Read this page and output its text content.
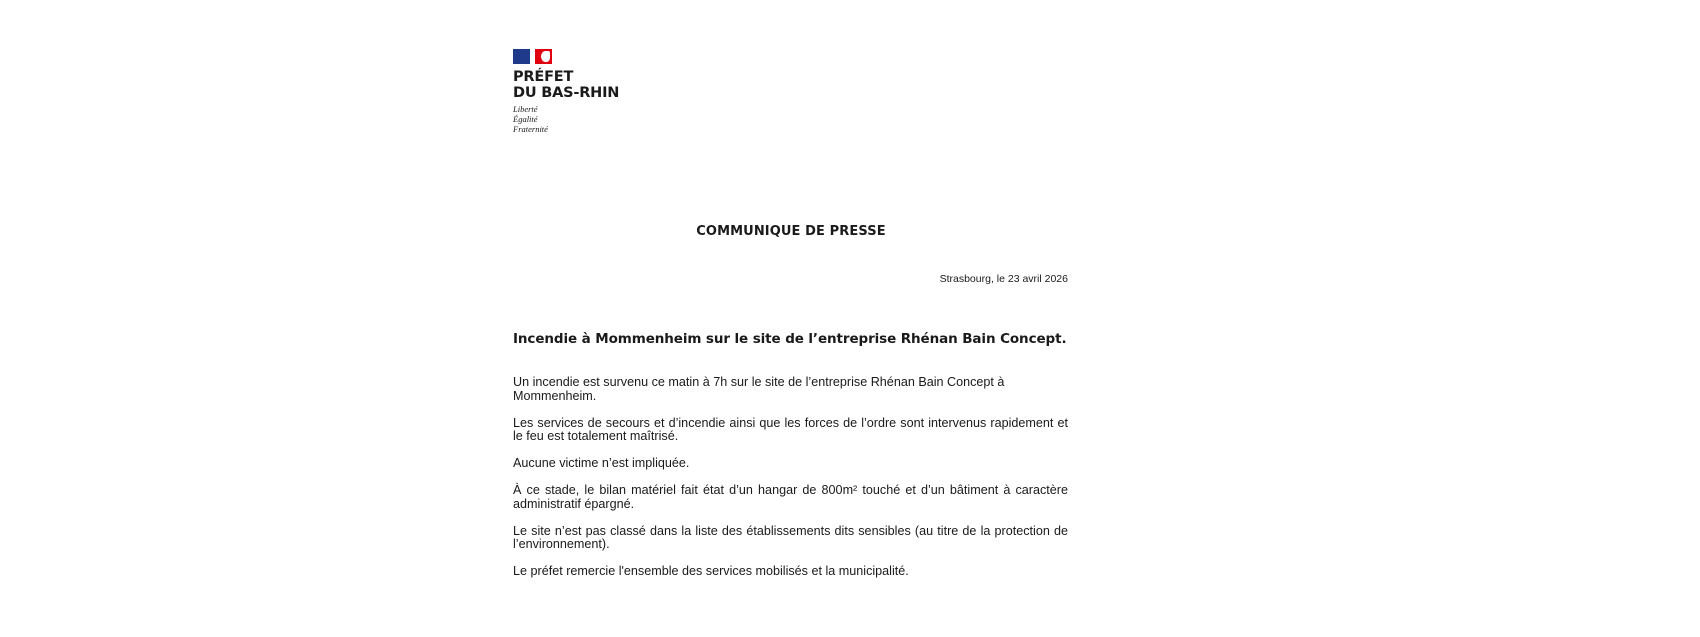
PRÉFET
DU BAS-RHIN
Liberté
Égalité
Fraternité
COMMUNIQUE DE PRESSE
Strasbourg, le 23 avril 2026
Incendie à Mommenheim sur le site de l’entreprise Rhénan Bain Concept.

Un incendie est survenu ce matin à 7h sur le site de l’entreprise Rhénan Bain Concept à Mommenheim.

Les services de secours et d’incendie ainsi que les forces de l’ordre sont intervenus rapidement et le feu est totalement maîtrisé.

Aucune victime n’est impliquée.

À ce stade, le bilan matériel fait état d’un hangar de 800m² touché et d’un bâtiment à caractère administratif épargné.

Le site n’est pas classé dans la liste des établissements dits sensibles (au titre de la protection de l’environnement).

Le préfet remercie l'ensemble des services mobilisés et la municipalité.
